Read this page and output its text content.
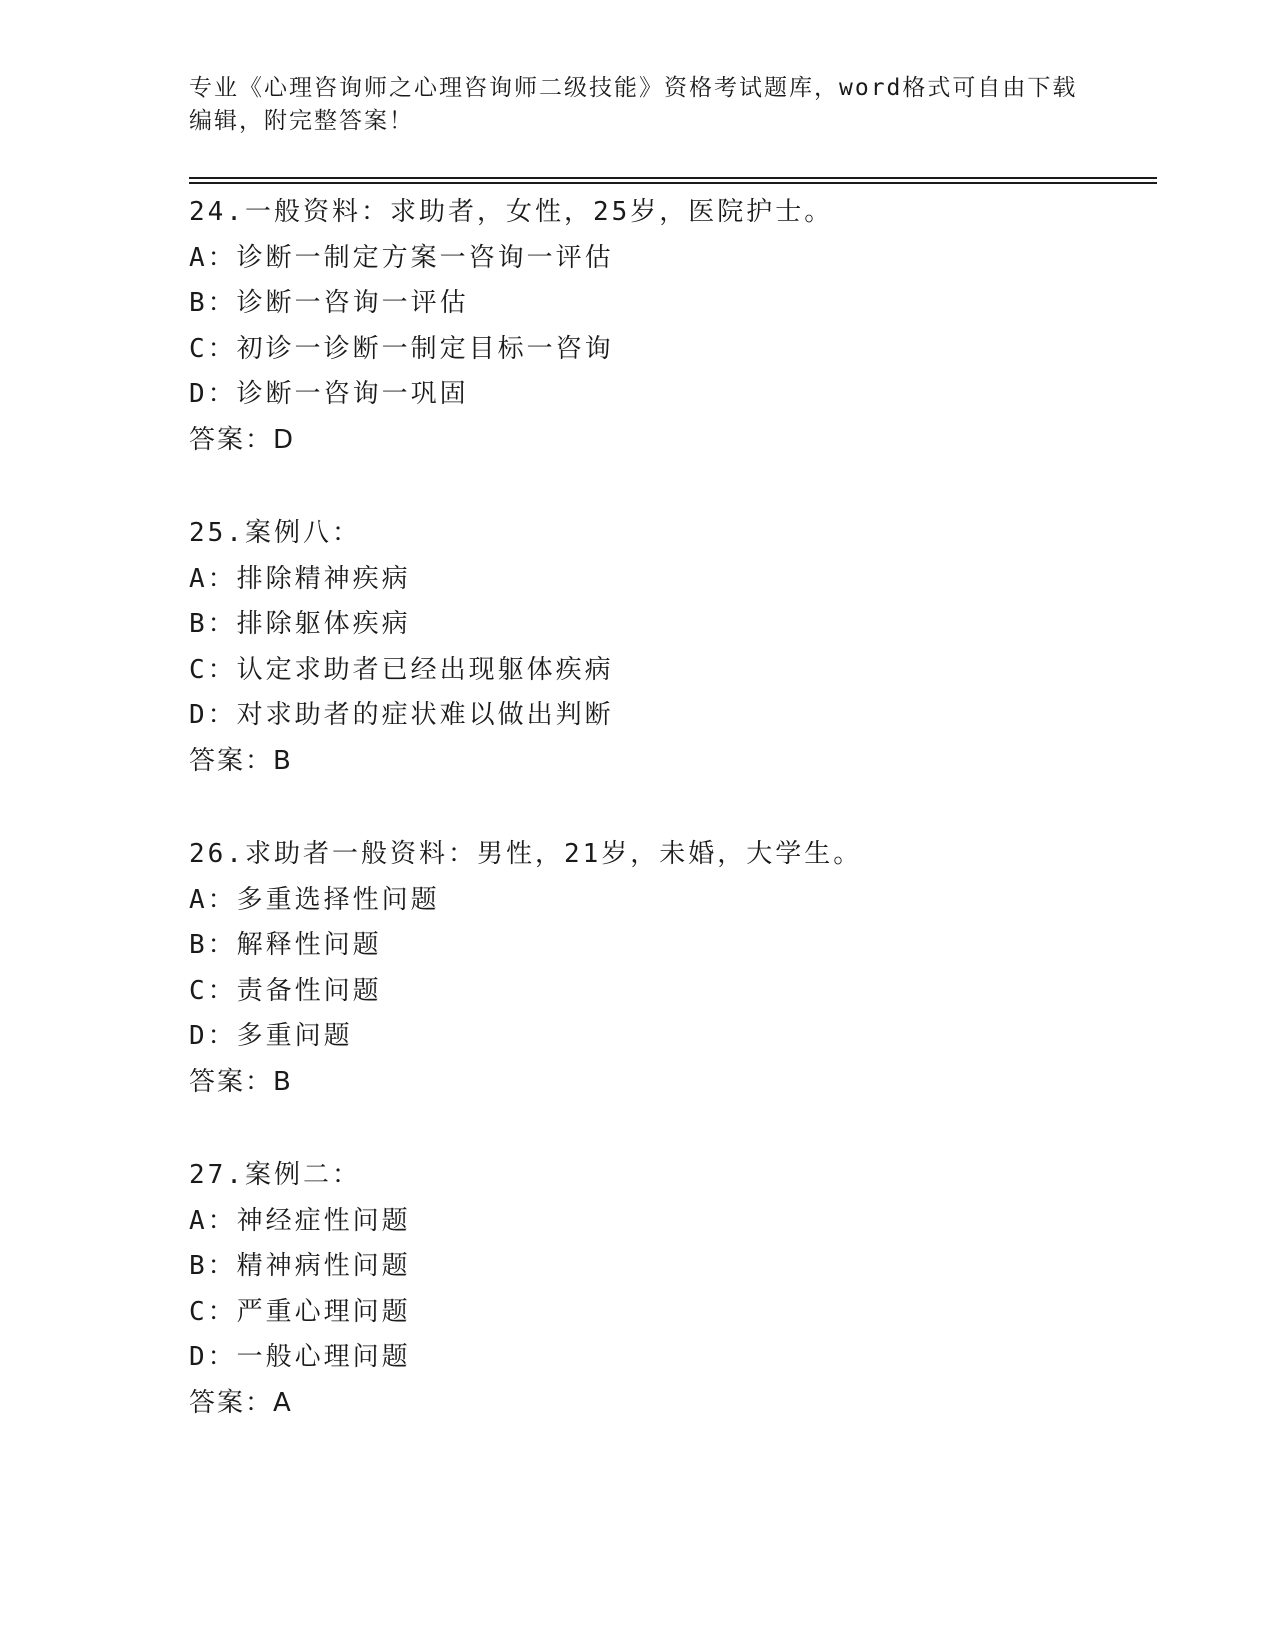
专业《心理咨询师之心理咨询师二级技能》资格考试题库，word格式可自由下载
编辑，附完整答案！
24.一般资料：求助者，女性，25岁，医院护士。
A：诊断一制定方案一咨询一评估
B：诊断一咨询一评估
C：初诊一诊断一制定目标一咨询
D：诊断一咨询一巩固
答案：D
25.案例八：
A：排除精神疾病
B：排除躯体疾病
C：认定求助者已经出现躯体疾病
D：对求助者的症状难以做出判断
答案：B
26.求助者一般资料：男性，21岁，未婚，大学生。
A：多重选择性问题
B：解释性问题
C：责备性问题
D：多重问题
答案：B
27.案例二：
A：神经症性问题
B：精神病性问题
C：严重心理问题
D：一般心理问题
答案：A
